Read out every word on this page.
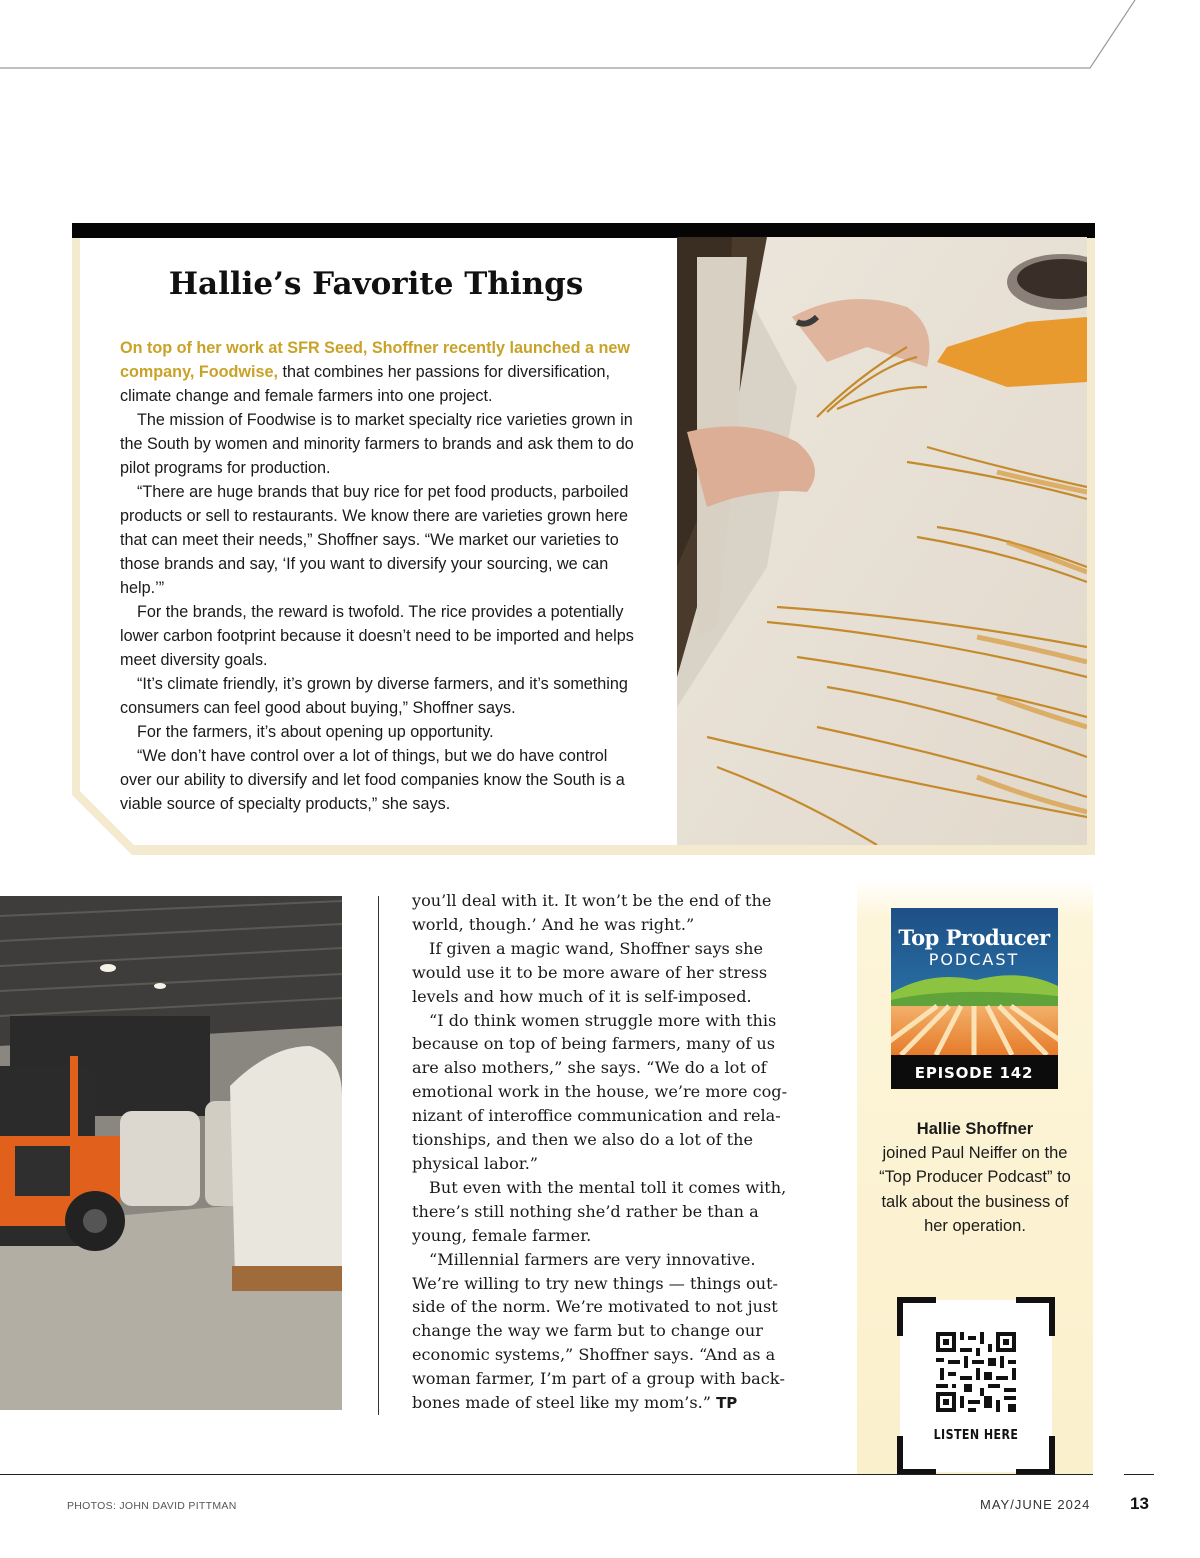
Hallie’s Favorite Things

On top of her work at SFR Seed, Shoffner recently launched a new company, Foodwise, that combines her passions for diversification, climate change and female farmers into one project.

The mission of Foodwise is to market specialty rice varieties grown in the South by women and minority farmers to brands and ask them to do pilot programs for production.

“There are huge brands that buy rice for pet food products, parboiled products or sell to restaurants. We know there are varieties grown here that can meet their needs,” Shoffner says. “We market our varieties to those brands and say, ‘If you want to diversify your sourcing, we can help.’”

For the brands, the reward is twofold. The rice provides a potentially lower carbon footprint because it doesn’t need to be imported and helps meet diversity goals.

“It’s climate friendly, it’s grown by diverse farmers, and it’s something consumers can feel good about buying,” Shoffner says.

For the farmers, it’s about opening up opportunity.

“We don’t have control over a lot of things, but we do have control over our ability to diversify and let food companies know the South is a viable source of specialty products,” she says.

you’ll deal with it. It won’t be the end of the world, though.’ And he was right.”

If given a magic wand, Shoffner says she would use it to be more aware of her stress levels and how much of it is self-imposed.

“I do think women struggle more with this because on top of being farmers, many of us are also mothers,” she says. “We do a lot of emotional work in the house, we’re more cognizant of interoffice communication and relationships, and then we also do a lot of the physical labor.”

But even with the mental toll it comes with, there’s still nothing she’d rather be than a young, female farmer.

“Millennial farmers are very innovative. We’re willing to try new things — things outside of the norm. We’re motivated to not just change the way we farm but to change our economic systems,” Shoffner says. “And as a woman farmer, I’m part of a group with backbones made of steel like my mom’s.” TP

Top Producer
PODCAST
EPISODE 142
Hallie Shoffner
joined Paul Neiffer on the “Top Producer Podcast” to talk about the business of her operation.
LISTEN HERE
PHOTOS: JOHN DAVID PITTMAN	MAY/JUNE 2024 13
